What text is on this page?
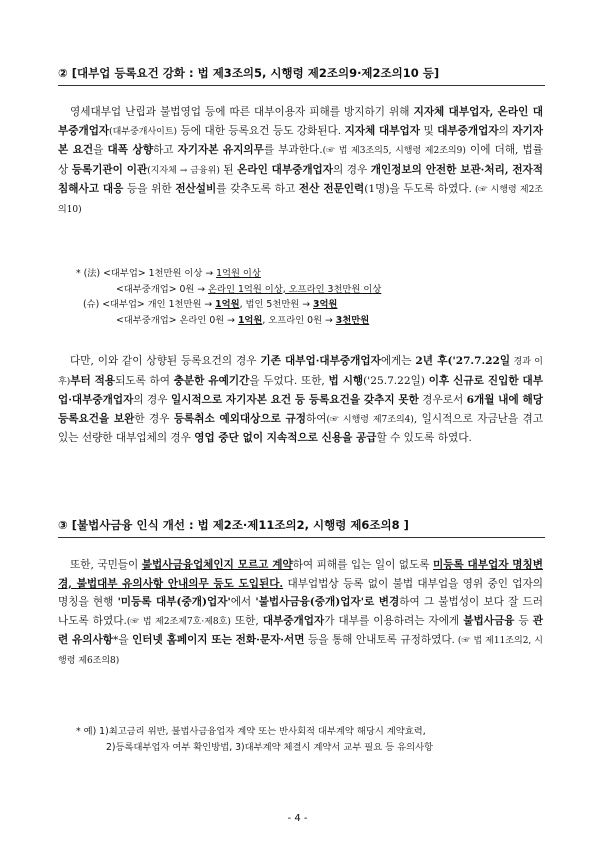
② [대부업 등록요건 강화 : 법 제3조의5, 시행령 제2조의9·제2조의10 등]

영세대부업 난립과 불법영업 등에 따른 대부이용자 피해를 방지하기 위해 지자체 대부업자, 온라인 대부중개업자(대부중개사이트) 등에 대한 등록요건 등도 강화된다. 지자체 대부업자 및 대부중개업자의 자기자본 요건을 대폭 상향하고 자기자본 유지의무를 부과한다.(☞ 법 제3조의5, 시행령 제2조의9) 이에 더해, 법률상 등록기관이 이관(지자체 → 금융위) 된 온라인 대부중개업자의 경우 개인정보의 안전한 보관·처리, 전자적 침해사고 대응 등을 위한 전산설비를 갖추도록 하고 전산 전문인력(1명)을 두도록 하였다. (☞ 시행령 제2조의10)

* (法) <대부업> 1천만원 이상 → 1억원 이상
<대부중개업> 0원 → 온라인 1억원 이상, 오프라인 3천만원 이상
(슈) <대부업> 개인 1천만원 → 1억원, 법인 5천만원 → 3억원
<대부중개업> 온라인 0원 → 1억원, 오프라인 0원 → 3천만원

다만, 이와 같이 상향된 등록요건의 경우 기존 대부업·대부중개업자에게는 2년 후('27.7.22일 경과 이후)부터 적용되도록 하여 충분한 유예기간을 두었다. 또한, 법 시행('25.7.22일) 이후 신규로 진입한 대부업·대부중개업자의 경우 일시적으로 자기자본 요건 등 등록요건을 갖추지 못한 경우로서 6개월 내에 해당 등록요건을 보완한 경우 등록취소 예외대상으로 규정하여(☞ 시행령 제7조의4), 일시적으로 자금난을 겪고 있는 선량한 대부업체의 경우 영업 중단 없이 지속적으로 신용을 공급할 수 있도록 하였다.

③ [불법사금융 인식 개선 : 법 제2조·제11조의2, 시행령 제6조의8 ]

또한, 국민들이 불법사금융업체인지 모르고 계약하여 피해를 입는 일이 없도록 미등록 대부업자 명칭변경, 불법대부 유의사항 안내의무 등도 도입된다. 대부업법상 등록 없이 불법 대부업을 영위 중인 업자의 명칭을 현행 '미등록 대부(중개)업자'에서 '불법사금융(중개)업자'로 변경하여 그 불법성이 보다 잘 드러나도록 하였다.(☞ 법 제2조제7호·제8호) 또한, 대부중개업자가 대부를 이용하려는 자에게 불법사금융 등 관련 유의사항*을 인터넷 홈페이지 또는 전화·문자·서면 등을 통해 안내토록 규정하였다. (☞ 법 제11조의2, 시행령 제6조의8)

* 예) 1)최고금리 위반, 불법사금융업자 계약 또는 반사회적 대부계약 해당시 계약효력,
2)등록대부업자 여부 확인방법, 3)대부계약 체결시 계약서 교부 필요 등 유의사항
- 4 -
